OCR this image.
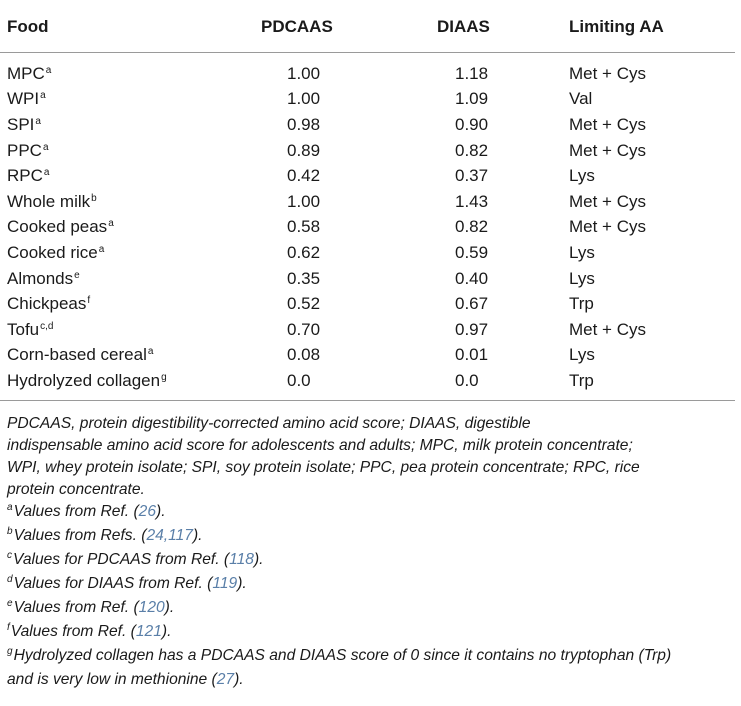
Food	PDCAAS	DIAAS	Limiting AA
MPC$^a$	1.00	1.18	Met + Cys
WPI$^a$	1.00	1.09	Val
SPI$^a$	0.98	0.90	Met + Cys
PPC$^a$	0.89	0.82	Met + Cys
RPC$^a$	0.42	0.37	Lys
Whole milk$^b$	1.00	1.43	Met + Cys
Cooked peas$^a$	0.58	0.82	Met + Cys
Cooked rice$^a$	0.62	0.59	Lys
Almonds$^e$	0.35	0.40	Lys
Chickpeas$^f$	0.52	0.67	Trp
Tofu$^{c,d}$	0.70	0.97	Met + Cys
Corn-based cereal$^a$	0.08	0.01	Lys
Hydrolyzed collagen$^g$	0.0	0.0	Trp
PDCAAS, protein digestibility-corrected amino acid score; DIAAS, digestible
indispensable amino acid score for adolescents and adults; MPC, milk protein concentrate;
WPI, whey protein isolate; SPI, soy protein isolate; PPC, pea protein concentrate; RPC, rice
protein concentrate.
$^a$Values from Ref. (26).
$^b$Values from Refs. (24,117).
$^c$Values for PDCAAS from Ref. (118).
$^d$Values for DIAAS from Ref. (119).
$^e$Values from Ref. (120).
$^f$Values from Ref. (121).
$^g$Hydrolyzed collagen has a PDCAAS and DIAAS score of 0 since it contains no tryptophan (Trp)
and is very low in methionine (27).
